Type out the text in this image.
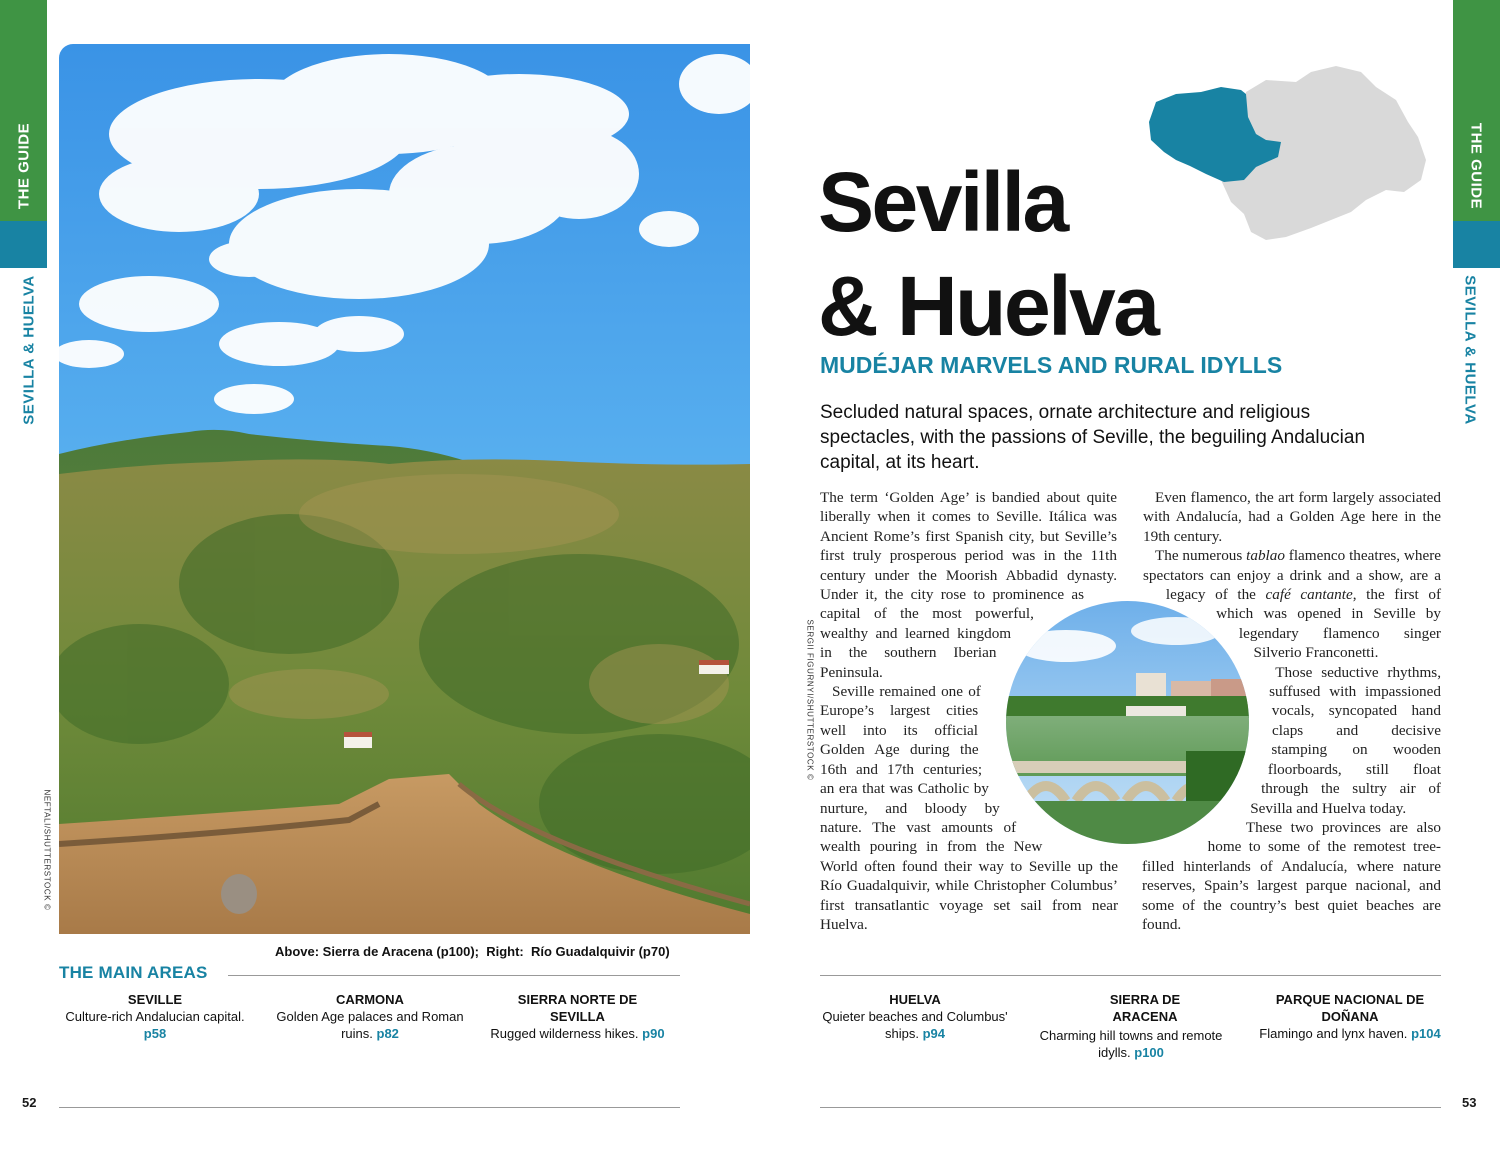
THE GUIDE
SEVILLA & HUELVA
THE GUIDE
SEVILLA & HUELVA
NEFTALI/SHUTTERSTOCK ©
Above: Sierra de Aracena (p100);  Right:  Río Guadalquivir (p70)
THE MAIN AREAS
SEVILLE
Culture-rich Andalucian capital.
p58
CARMONA
Golden Age palaces and Roman ruins. p82
SIERRA NORTE DE SEVILLA
Rugged wilderness hikes. p90
HUELVA
Quieter beaches and Columbus' ships. p94
SIERRA DE ARACENA
Charming hill towns and remote idylls. p100
PARQUE NACIONAL DE DOÑANA
Flamingo and lynx haven. p104
52	53
Sevilla
& Huelva
MUDÉJAR MARVELS AND RURAL IDYLLS
Secluded natural spaces, ornate architecture and religious spectacles, with the passions of Seville, the beguiling Andalucian capital, at its heart.

The term ‘Golden Age’ is bandied about quite liberally when it comes to Seville. Itálica was Ancient Rome’s first Spanish city, but Seville’s first truly prosperous period was in the 11th century under the Moorish Abbadid dynasty. Under it, the city rose to prominence as capital of the most powerful, wealthy and learned kingdom in the southern Iberian Peninsula.

Seville remained one of Europe’s largest cities well into its official Golden Age during the 16th and 17th centuries; an era that was Catholic by nurture, and bloody by nature. The vast amounts of wealth pouring in from the New World often found their way to Seville up the Río Guadalquivir, while Christopher Columbus’ first transatlantic voyage set sail from near Huelva.

Even flamenco, the art form largely associated with Andalucía, had a Golden Age here in the 19th century.

The numerous tablao flamenco theatres, where spectators can enjoy a drink and a show, are a legacy of the café cantante, the first of which was opened in Seville by legendary flamenco singer Silverio Franconetti.

Those seductive rhythms, suffused with impassioned vocals, syncopated hand claps and decisive stamping on wooden floorboards, still float through the sultry air of Sevilla and Huelva today.

These two provinces are also home to some of the remotest tree-filled hinterlands of Andalucía, where nature reserves, Spain’s largest parque nacional, and some of the country’s best quiet beaches are found.

SERGII FIGURNYI/SHUTTERSTOCK ©
